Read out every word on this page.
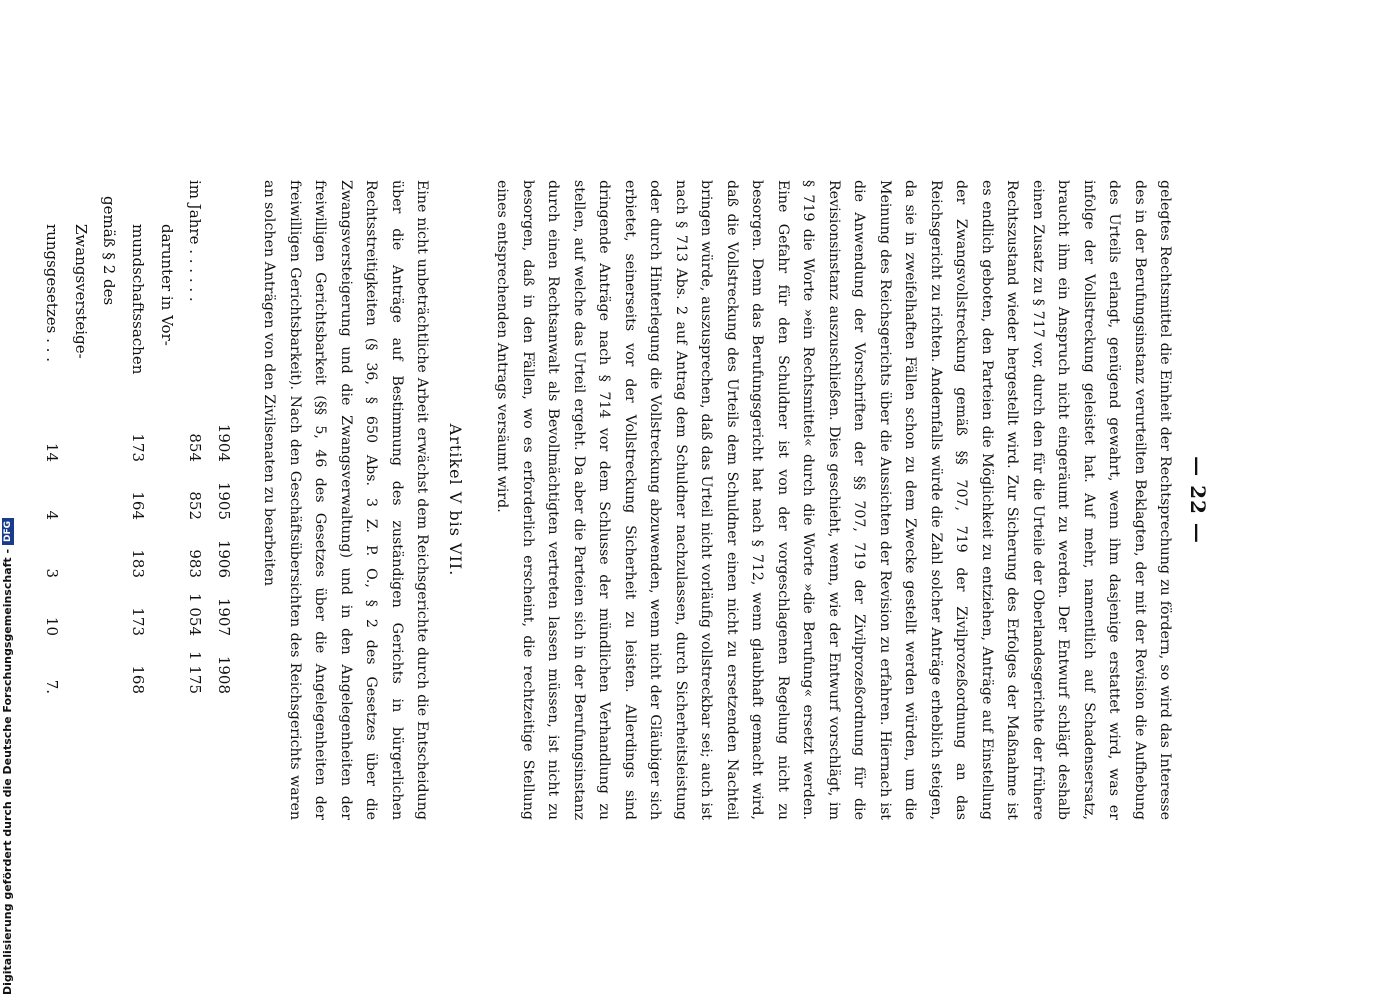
— 22 —

gelegtes Rechtsmittel die Einheit der Rechtsprechung zu fördern, so wird das Interesse des in der Berufungsinstanz verurteilten Beklagten, der mit der Revision die Aufhebung des Urteils erlangt, genügend gewahrt, wenn ihm dasjenige erstattet wird, was er infolge der Vollstreckung geleistet hat. Auf mehr, namentlich auf Schadensersatz, braucht ihm ein Anspruch nicht eingeräumt zu werden. Der Entwurf schlägt deshalb einen Zusatz zu § 717 vor, durch den für die Urteile der Oberlandesgerichte der frühere Rechtszustand wieder hergestellt wird. Zur Sicherung des Erfolges der Maßnahme ist es endlich geboten, den Parteien die Möglichkeit zu entziehen, Anträge auf Einstellung der Zwangsvollstreckung gemäß §§ 707, 719 der Zivilprozeßordnung an das Reichsgericht zu richten. Andernfalls würde die Zahl solcher Anträge erheblich steigen, da sie in zweifelhaften Fällen schon zu dem Zwecke gestellt werden würden, um die Meinung des Reichsgerichts über die Aussichten der Revision zu erfahren. Hiernach ist die Anwendung der Vorschriften der §§ 707, 719 der Zivilprozeßordnung für die Revisionsinstanz auszuschließen. Dies geschieht, wenn, wie der Entwurf vorschlägt, im § 719 die Worte »ein Rechtsmittel« durch die Worte »die Berufung« ersetzt werden. Eine Gefahr für den Schuldner ist von der vorgeschlagenen Regelung nicht zu besorgen. Denn das Berufungsgericht hat nach § 712, wenn glaubhaft gemacht wird, daß die Vollstreckung des Urteils dem Schuldner einen nicht zu ersetzenden Nachteil bringen würde, auszusprechen, daß das Urteil nicht vorläufig vollstreckbar sei; auch ist nach § 713 Abs. 2 auf Antrag dem Schuldner nachzulassen, durch Sicherheitsleistung oder durch Hinterlegung die Vollstreckung abzuwenden, wenn nicht der Gläubiger sich erbietet, seinerseits vor der Vollstreckung Sicherheit zu leisten. Allerdings sind dringende Anträge nach § 714 vor dem Schlusse der mündlichen Verhandlung zu stellen, auf welche das Urteil ergeht. Da aber die Parteien sich in der Berufungsinstanz durch einen Rechtsanwalt als Bevollmächtigten vertreten lassen müssen, ist nicht zu besorgen, daß in den Fällen, wo es erforderlich erscheint, die rechtzeitige Stellung eines entsprechenden Antrags versäumt wird.

Artikel V bis VII.

Eine nicht unbeträchtliche Arbeit erwächst dem Reichsgerichte durch die Entscheidung über die Anträge auf Bestimmung des zuständigen Gerichts in bürgerlichen Rechtsstreitigkeiten (§ 36, § 650 Abs. 3 Z. P. O., § 2 des Gesetzes über die Zwangsversteigerung und die Zwangsverwaltung) und in den Angelegenheiten der freiwilligen Gerichtsbarkeit (§§ 5, 46 des Gesetzes über die Angelegenheiten der freiwilligen Gerichtsbarkeit). Nach den Geschäftsübersichten des Reichsgerichts waren an solchen Anträgen von den Zivilsenaten zu bearbeiten

	1904	1905	1906	1907	1908
im Jahre . . . . . .	854	852	983	1 054	1 175
darunter in Vor-					
mundschaftssachen	173	164	183	173	168
gemäß § 2 des					
Zwangsversteige-					
rungsgesetzes . . .	14	4	3	10	7.
Digitalisierung gefördert durch die Deutsche Forschungsgemeinschaft -
DFG
